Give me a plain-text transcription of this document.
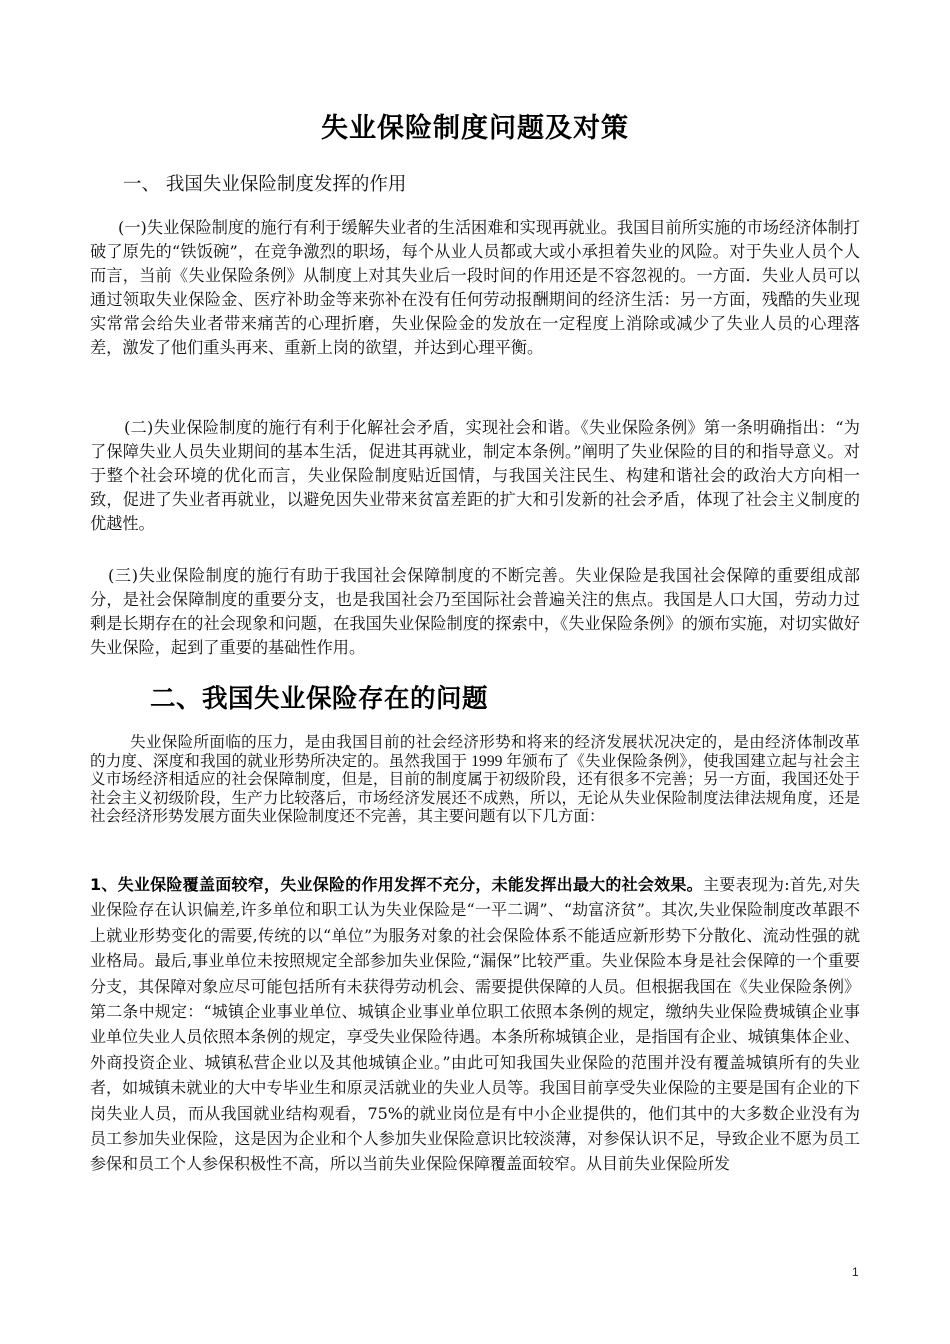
失业保险制度问题及对策
一、 我国失业保险制度发挥的作用
(一)失业保险制度的施行有利于缓解失业者的生活困难和实现再就业。我国目前所实施的市场经济体制打破了原先的“铁饭碗”，在竞争激烈的职场，每个从业人员都或大或小承担着失业的风险。对于失业人员个人而言，当前《失业保险条例》从制度上对其失业后一段时间的作用还是不容忽视的。一方面．失业人员可以通过领取失业保险金、医疗补助金等来弥补在没有任何劳动报酬期间的经济生活：另一方面，残酷的失业现实常常会给失业者带来痛苦的心理折磨，失业保险金的发放在一定程度上消除或减少了失业人员的心理落差，激发了他们重头再来、重新上岗的欲望，并达到心理平衡。
(二)失业保险制度的施行有利于化解社会矛盾，实现社会和谐。《失业保险条例》第一条明确指出：“为了保障失业人员失业期间的基本生活，促进其再就业，制定本条例。”阐明了失业保险的目的和指导意义。对于整个社会环境的优化而言，失业保险制度贴近国情，与我国关注民生、构建和谐社会的政治大方向相一致，促进了失业者再就业，以避免因失业带来贫富差距的扩大和引发新的社会矛盾，体现了社会主义制度的优越性。
(三)失业保险制度的施行有助于我国社会保障制度的不断完善。失业保险是我国社会保障的重要组成部分，是社会保障制度的重要分支，也是我国社会乃至国际社会普遍关注的焦点。我国是人口大国，劳动力过剩是长期存在的社会现象和问题，在我国失业保险制度的探索中，《失业保险条例》的颁布实施，对切实做好失业保险，起到了重要的基础性作用。
二、我国失业保险存在的问题
失业保险所面临的压力，是由我国目前的社会经济形势和将来的经济发展状况决定的，是由经济体制改革的力度、深度和我国的就业形势所决定的。虽然我国于 1999 年颁布了《失业保险条例》，使我国建立起与社会主义市场经济相适应的社会保障制度，但是，目前的制度属于初级阶段，还有很多不完善；另一方面，我国还处于社会主义初级阶段，生产力比较落后，市场经济发展还不成熟，所以，无论从失业保险制度法律法规角度，还是社会经济形势发展方面失业保险制度还不完善，其主要问题有以下几方面：
1、失业保险覆盖面较窄，失业保险的作用发挥不充分，未能发挥出最大的社会效果。主要表现为:首先,对失业保险存在认识偏差,许多单位和职工认为失业保险是“一平二调”、“劫富济贫”。其次,失业保险制度改革跟不上就业形势变化的需要,传统的以“单位”为服务对象的社会保险体系不能适应新形势下分散化、流动性强的就业格局。最后,事业单位未按照规定全部参加失业保险,“漏保”比较严重。失业保险本身是社会保障的一个重要分支，其保障对象应尽可能包括所有未获得劳动机会、需要提供保障的人员。但根据我国在《失业保险条例》第二条中规定：“城镇企业事业单位、城镇企业事业单位职工依照本条例的规定，缴纳失业保险费城镇企业事业单位失业人员依照本条例的规定，享受失业保险待遇。本条所称城镇企业，是指国有企业、城镇集体企业、外商投资企业、城镇私营企业以及其他城镇企业。”由此可知我国失业保险的范围并没有覆盖城镇所有的失业者，如城镇未就业的大中专毕业生和原灵活就业的失业人员等。我国目前享受失业保险的主要是国有企业的下岗失业人员，而从我国就业结构观看，75%的就业岗位是有中小企业提供的，他们其中的大多数企业没有为员工参加失业保险，这是因为企业和个人参加失业保险意识比较淡薄，对参保认识不足，导致企业不愿为员工参保和员工个人参保积极性不高，所以当前失业保险保障覆盖面较窄。从目前失业保险所发
1
